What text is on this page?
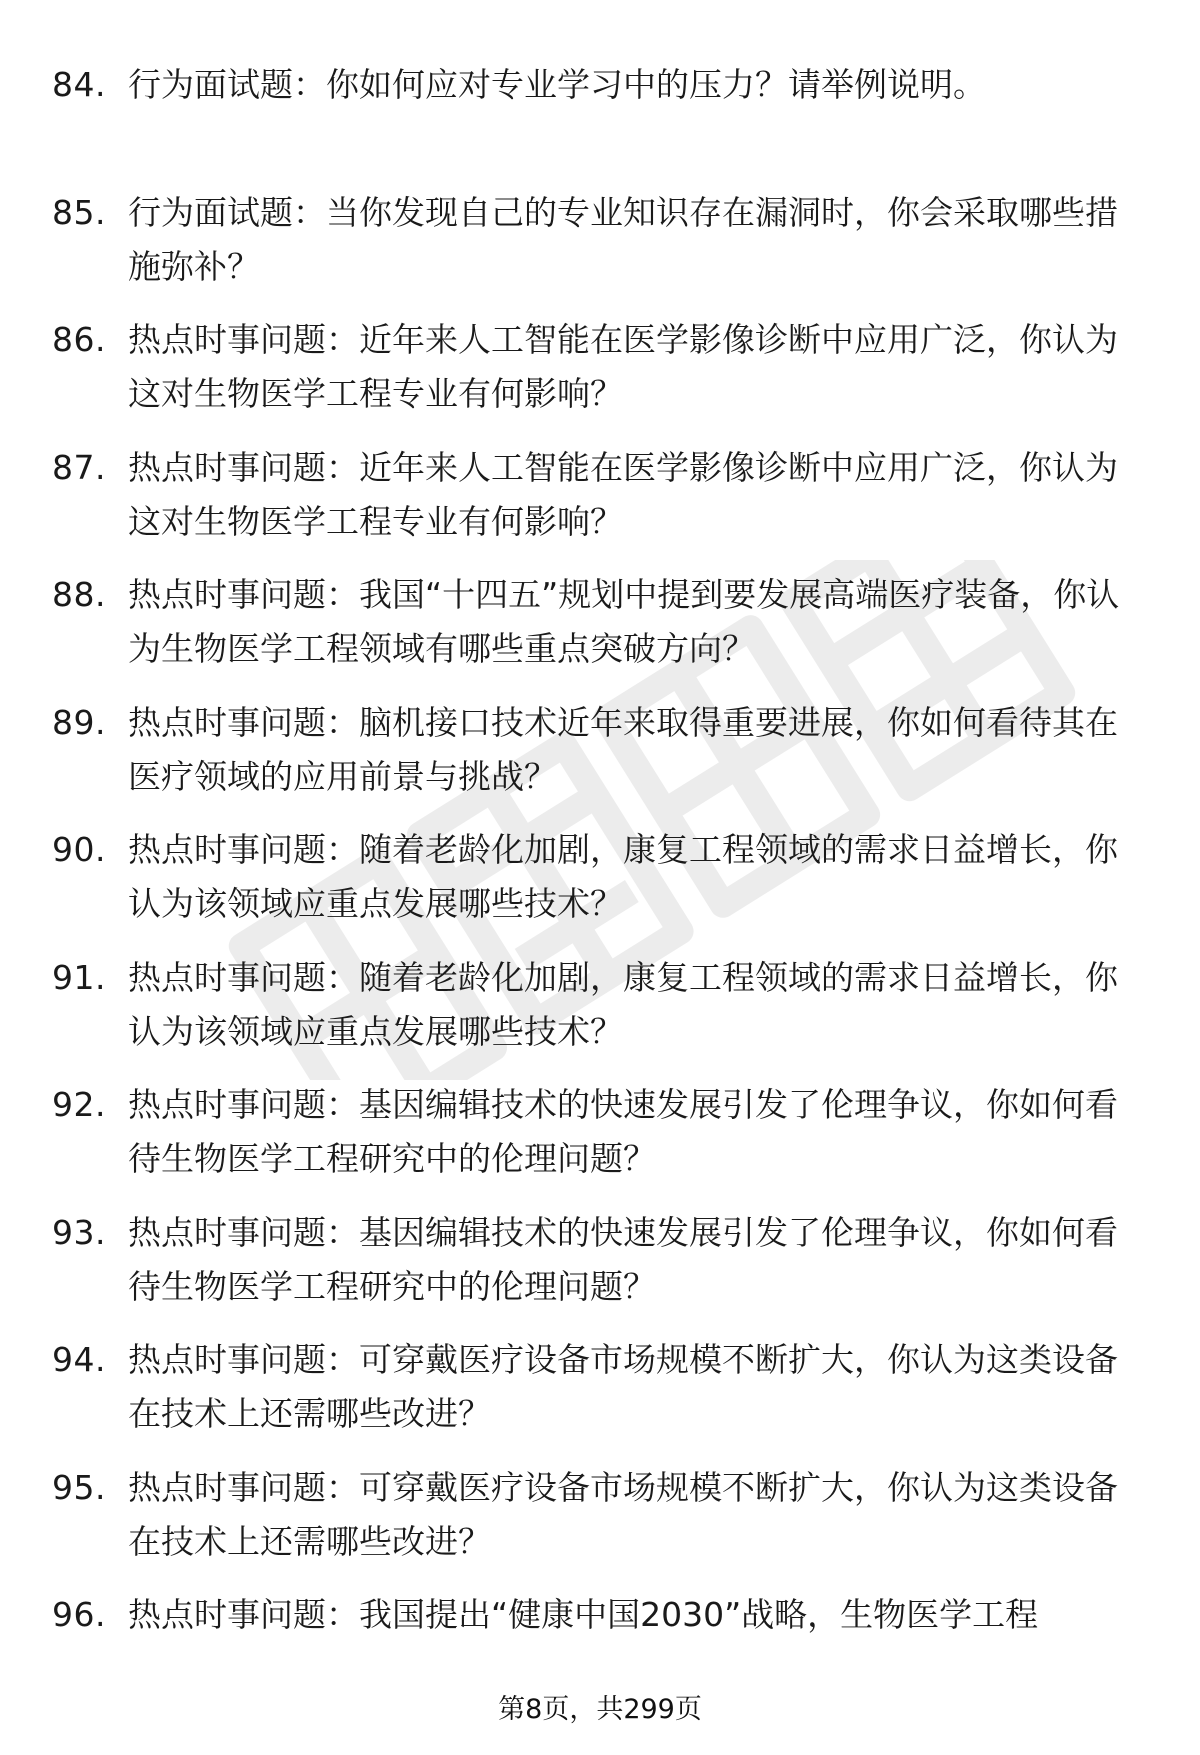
84. 行为面试题：你如何应对专业学习中的压力？请举例说明。
85. 行为面试题：当你发现自己的专业知识存在漏洞时，你会采取哪些措施弥补？
86. 热点时事问题：近年来人工智能在医学影像诊断中应用广泛，你认为这对生物医学工程专业有何影响？
87. 热点时事问题：近年来人工智能在医学影像诊断中应用广泛，你认为这对生物医学工程专业有何影响？
88. 热点时事问题：我国“十四五”规划中提到要发展高端医疗装备，你认为生物医学工程领域有哪些重点突破方向？
89. 热点时事问题：脑机接口技术近年来取得重要进展，你如何看待其在医疗领域的应用前景与挑战？
90. 热点时事问题：随着老龄化加剧，康复工程领域的需求日益增长，你认为该领域应重点发展哪些技术？
91. 热点时事问题：随着老龄化加剧，康复工程领域的需求日益增长，你认为该领域应重点发展哪些技术？
92. 热点时事问题：基因编辑技术的快速发展引发了伦理争议，你如何看待生物医学工程研究中的伦理问题？
93. 热点时事问题：基因编辑技术的快速发展引发了伦理争议，你如何看待生物医学工程研究中的伦理问题？
94. 热点时事问题：可穿戴医疗设备市场规模不断扩大，你认为这类设备在技术上还需哪些改进？
95. 热点时事问题：可穿戴医疗设备市场规模不断扩大，你认为这类设备在技术上还需哪些改进？
96. 热点时事问题：我国提出“健康中国2030”战略，生物医学工程
第8页，共299页
